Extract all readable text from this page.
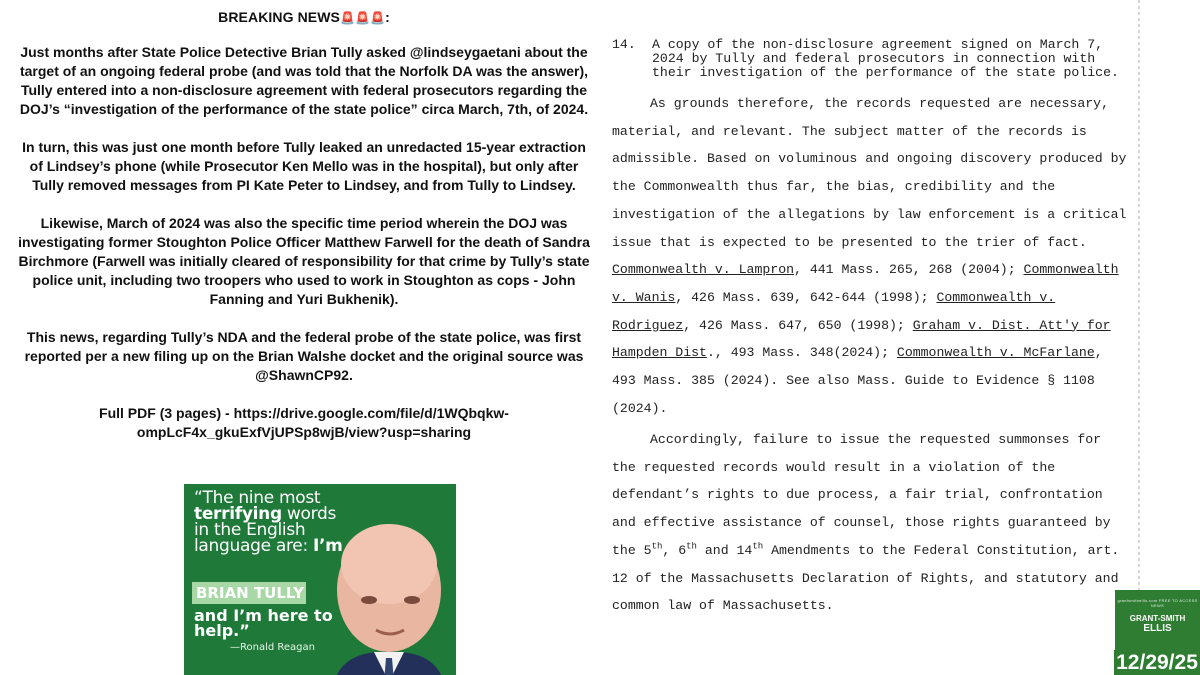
BREAKING NEWS🚨🚨🚨:

Just months after State Police Detective Brian Tully asked @lindseygaetani about the target of an ongoing federal probe (and was told that the Norfolk DA was the answer), Tully entered into a non-disclosure agreement with federal prosecutors regarding the DOJ’s “investigation of the performance of the state police” circa March, 7th, of 2024.

In turn, this was just one month before Tully leaked an unredacted 15-year extraction of Lindsey’s phone (while Prosecutor Ken Mello was in the hospital), but only after Tully removed messages from PI Kate Peter to Lindsey, and from Tully to Lindsey.

Likewise, March of 2024 was also the specific time period wherein the DOJ was investigating former Stoughton Police Officer Matthew Farwell for the death of Sandra Birchmore (Farwell was initially cleared of responsibility for that crime by Tully’s state police unit, including two troopers who used to work in Stoughton as cops - John Fanning and Yuri Bukhenik).

This news, regarding Tully’s NDA and the federal probe of the state police, was first reported per a new filing up on the Brian Walshe docket and the original source was @ShawnCP92.

Full PDF (3 pages) - https://drive.google.com/file/d/1WQbqkw-ompLcF4x_gkuExfVjUPSp8wjB/view?usp=sharing

“The nine most terrifying words in the English language are: I’m
BRIAN TULLY
and I’m here to help.”
—Ronald Reagan
14. A copy of the non-disclosure agreement signed on March 7, 2024 by Tully and federal prosecutors in connection with their investigation of the performance of the state police.
As grounds therefore, the records requested are necessary, material, and relevant. The subject matter of the records is admissible. Based on voluminous and ongoing discovery produced by the Commonwealth thus far, the bias, credibility and the investigation of the allegations by law enforcement is a critical issue that is expected to be presented to the trier of fact. Commonwealth v. Lampron, 441 Mass. 265, 268 (2004); Commonwealth v. Wanis, 426 Mass. 639, 642-644 (1998); Commonwealth v. Rodriguez, 426 Mass. 647, 650 (1998); Graham v. Dist. Att'y for Hampden Dist., 493 Mass. 348(2024); Commonwealth v. McFarlane, 493 Mass. 385 (2024). See also Mass. Guide to Evidence § 1108 (2024).
Accordingly, failure to issue the requested summonses for the requested records would result in a violation of the defendant’s rights to due process, a fair trial, confrontation and effective assistance of counsel, those rights guaranteed by the 5th, 6th and 14th Amendments to the Federal Constitution, art. 12 of the Massachusetts Declaration of Rights, and statutory and common law of Massachusetts.	grantsmithellis.com FREE TO ACCESS NEWS
GRANT-SMITH
ELLIS
12/29/25
